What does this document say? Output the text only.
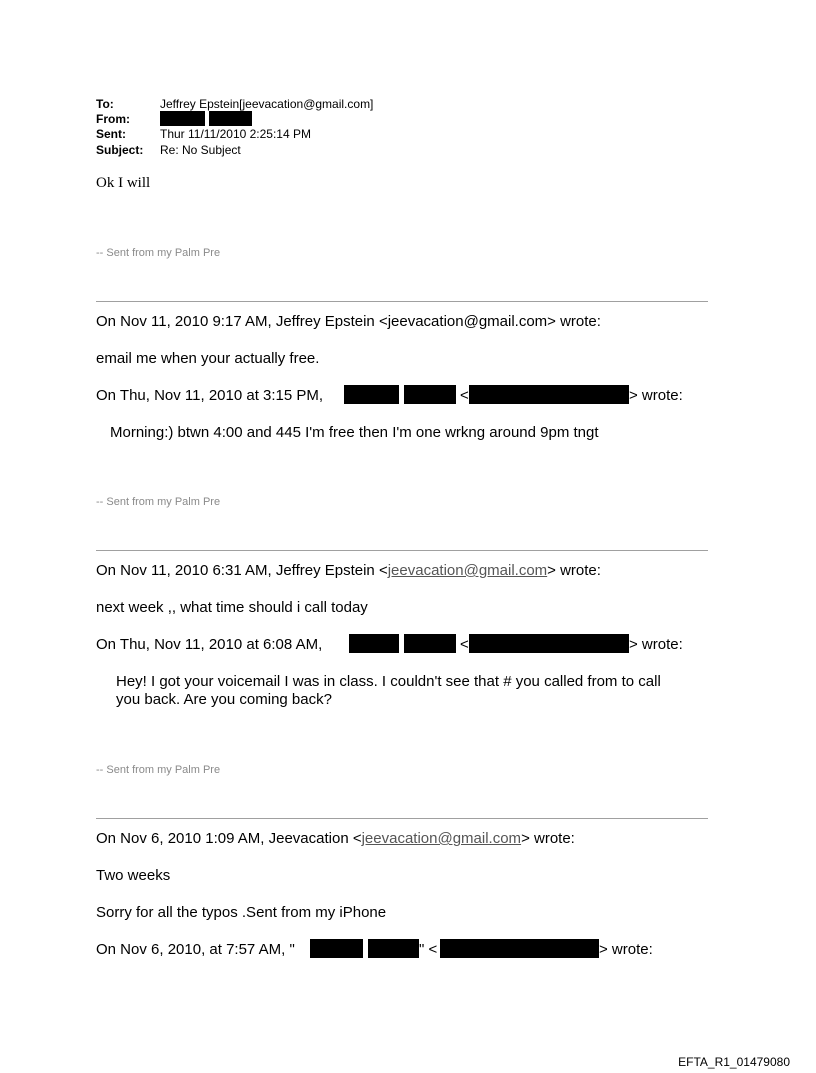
To:	Jeffrey Epstein[jeevacation@gmail.com]
From:
Sent:	Thur 11/11/2010 2:25:14 PM
Subject: Re: No Subject
Ok I will
-- Sent from my Palm Pre
On Nov 11, 2010 9:17 AM, Jeffrey Epstein <jeevacation@gmail.com> wrote:
email me when your actually free.
On Thu, Nov 11, 2010 at 3:15 PM,	<	> wrote:
Morning:) btwn 4:00 and 445 I'm free then I'm one wrkng around 9pm tngt
-- Sent from my Palm Pre
On Nov 11, 2010 6:31 AM, Jeffrey Epstein <jeevacation@gmail.com> wrote:
next week ,, what time should i call today
On Thu, Nov 11, 2010 at 6:08 AM,	<	> wrote:
Hey! I got your voicemail I was in class. I couldn't see that # you called from to call
you back. Are you coming back?
-- Sent from my Palm Pre
On Nov 6, 2010 1:09 AM, Jeevacation <jeevacation@gmail.com> wrote:
Two weeks
Sorry for all the typos .Sent from my iPhone
On Nov 6, 2010, at 7:57 AM, "	" <	> wrote:
EFTA_R1_01479080
